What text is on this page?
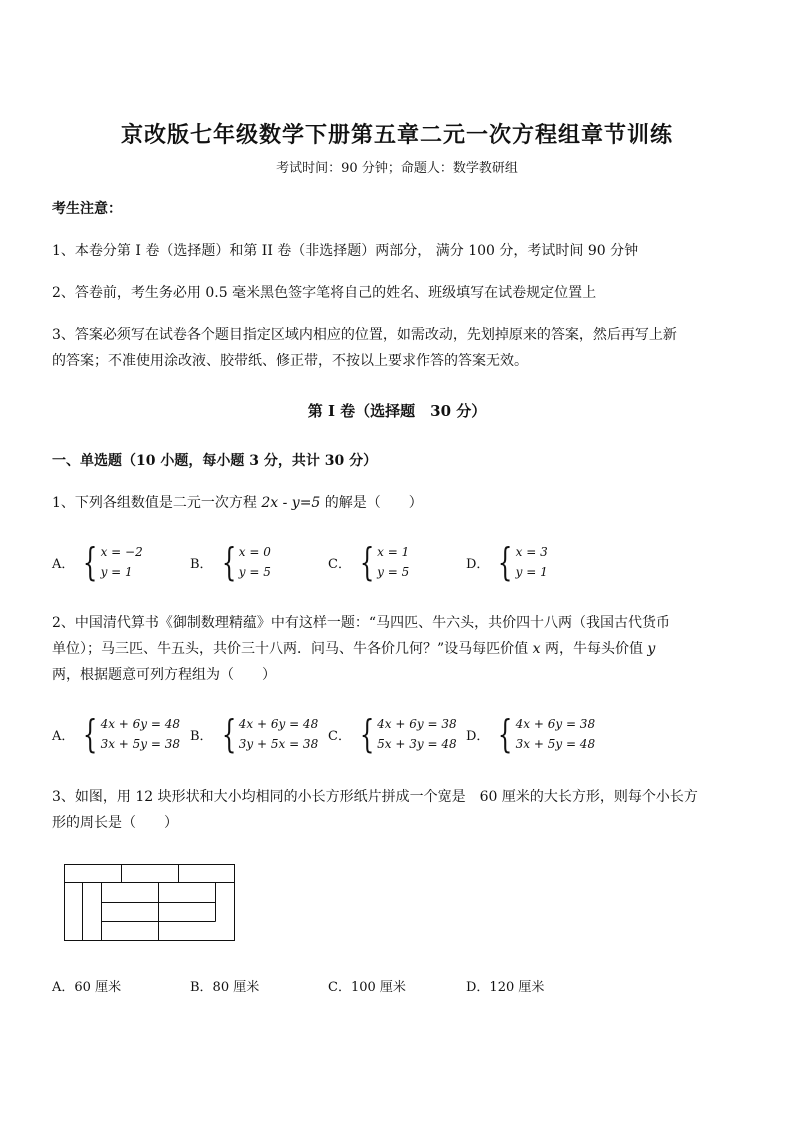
京改版七年级数学下册第五章二元一次方程组章节训练
考试时间：90 分钟；命题人：数学教研组
考生注意：
1、本卷分第 I 卷（选择题）和第 II 卷（非选择题）两部分， 满分 100 分，考试时间 90 分钟
2、答卷前，考生务必用 0.5 毫米黑色签字笔将自己的姓名、班级填写在试卷规定位置上
3、答案必须写在试卷各个题目指定区域内相应的位置，如需改动，先划掉原来的答案，然后再写上新
的答案；不准使用涂改液、胶带纸、修正带，不按以上要求作答的答案无效。
第 I 卷（选择题　30 分）
一、单选题（10 小题，每小题 3 分，共计 30 分）
1、下列各组数值是二元一次方程 2x - y=5 的解是（　　）
A． { x = −2
y = 1
B． { x = 0
y = 5
C． { x = 1
y = 5
D． { x = 3
y = 1
2、中国清代算书《御制数理精蕴》中有这样一题：“马四匹、牛六头，共价四十八两（我国古代货币
单位）；马三匹、牛五头，共价三十八两．问马、牛各价几何？”设马每匹价值 x 两，牛每头价值 y
两，根据题意可列方程组为（　　）
A． { 4x + 6y = 48
3x + 5y = 38
B． { 4x + 6y = 48
3y + 5x = 38
C． { 4x + 6y = 38
5x + 3y = 48
D． { 4x + 6y = 38
3x + 5y = 48
3、如图，用 12 块形状和大小均相同的小长方形纸片拼成一个宽是　60 厘米的大长方形，则每个小长方
形的周长是（　　）
A．60 厘米	B．80 厘米	C．100 厘米	D．120 厘米
